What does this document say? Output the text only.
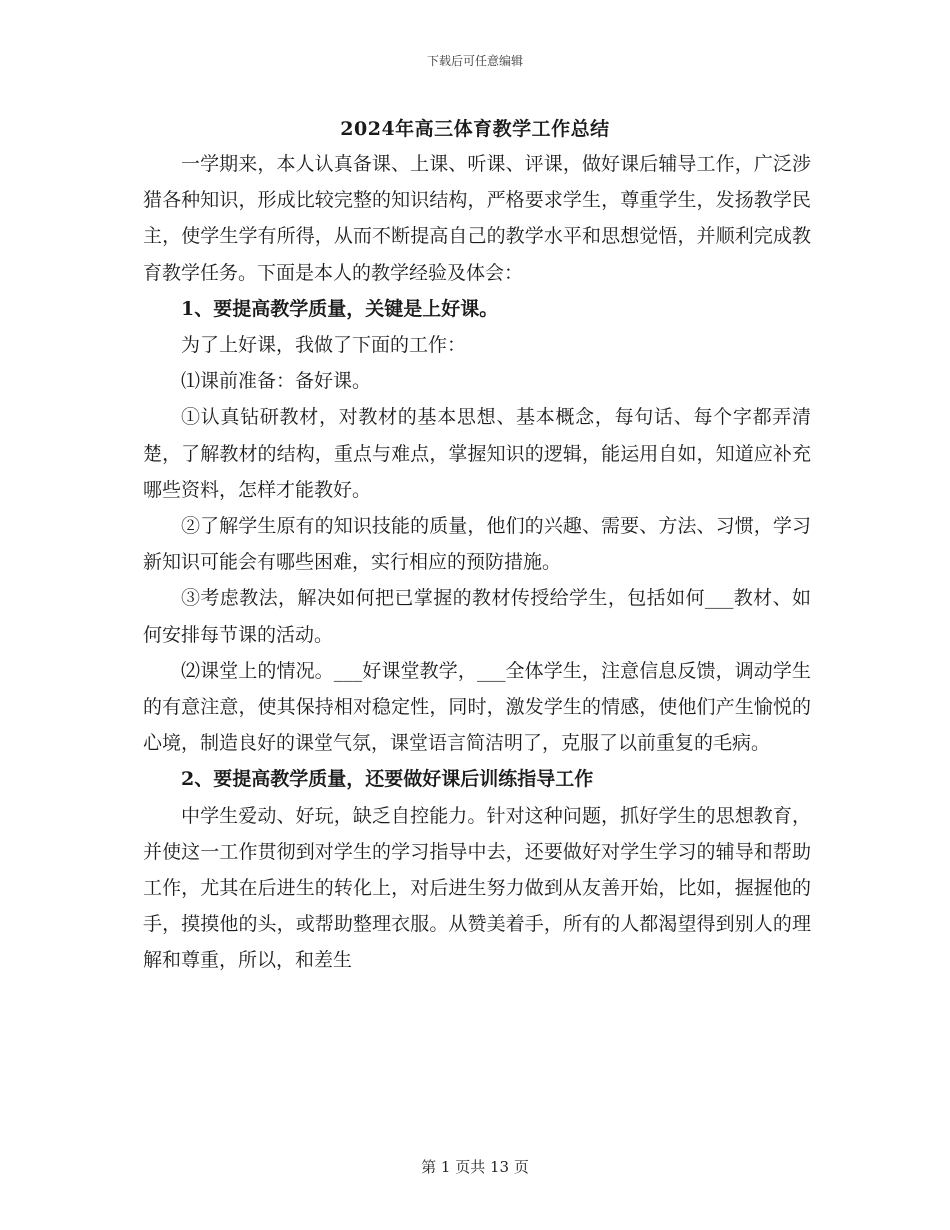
下载后可任意编辑
2024年高三体育教学工作总结

一学期来，本人认真备课、上课、听课、评课，做好课后辅导工作，广泛涉猎各种知识，形成比较完整的知识结构，严格要求学生，尊重学生，发扬教学民主，使学生学有所得，从而不断提高自己的教学水平和思想觉悟，并顺利完成教育教学任务。下面是本人的教学经验及体会：

1、要提高教学质量，关键是上好课。

为了上好课，我做了下面的工作：

⑴课前准备：备好课。

①认真钻研教材，对教材的基本思想、基本概念，每句话、每个字都弄清楚，了解教材的结构，重点与难点，掌握知识的逻辑，能运用自如，知道应补充哪些资料，怎样才能教好。

②了解学生原有的知识技能的质量，他们的兴趣、需要、方法、习惯，学习新知识可能会有哪些困难，实行相应的预防措施。

③考虑教法，解决如何把已掌握的教材传授给学生，包括如何___教材、如何安排每节课的活动。

⑵课堂上的情况。___好课堂教学，___全体学生，注意信息反馈，调动学生的有意注意，使其保持相对稳定性，同时，激发学生的情感，使他们产生愉悦的心境，制造良好的课堂气氛，课堂语言简洁明了，克服了以前重复的毛病。

2、要提高教学质量，还要做好课后训练指导工作

中学生爱动、好玩，缺乏自控能力。针对这种问题，抓好学生的思想教育，并使这一工作贯彻到对学生的学习指导中去，还要做好对学生学习的辅导和帮助工作，尤其在后进生的转化上，对后进生努力做到从友善开始，比如，握握他的手，摸摸他的头，或帮助整理衣服。从赞美着手，所有的人都渴望得到别人的理解和尊重，所以，和差生

第 1 页共 13 页
